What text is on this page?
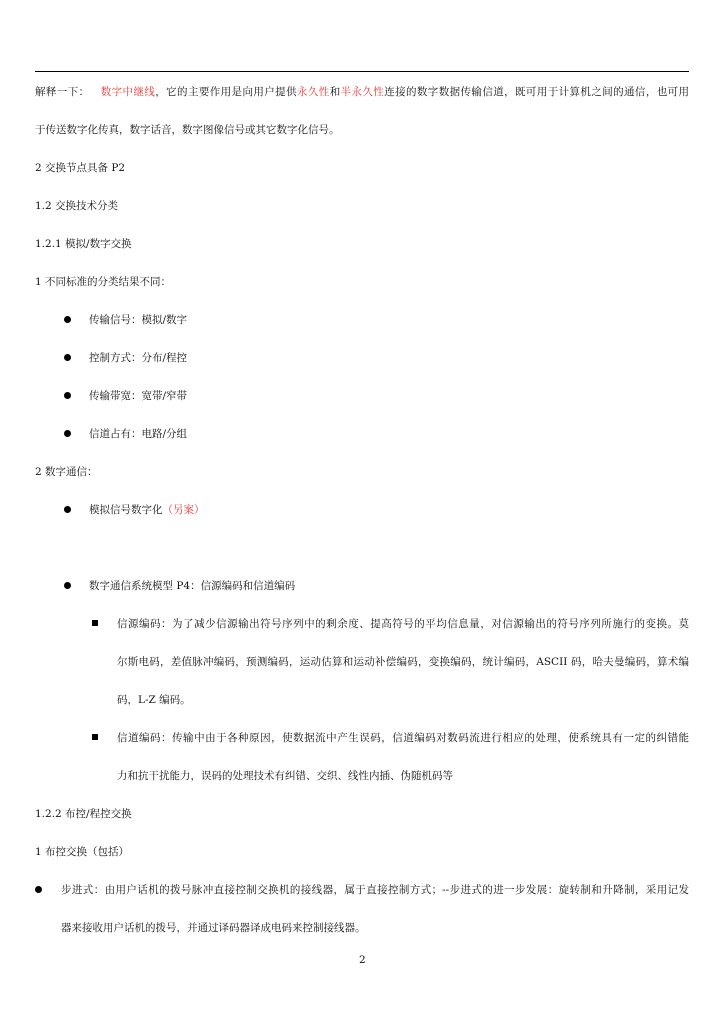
解释一下： 数字中继线，它的主要作用是向用户提供永久性和半永久性连接的数字数据传输信道，既可用于计算机之间的通信，也可用
于传送数字化传真，数字话音，数字图像信号或其它数字化信号。
2 交换节点具备 P2
1.2 交换技术分类
1.2.1 模拟/数字交换
1 不同标准的分类结果不同：
传输信号：模拟/数字
控制方式：分布/程控
传输带宽：宽带/窄带
信道占有：电路/分组
2 数字通信：
模拟信号数字化（另案）
数字通信系统模型 P4：信源编码和信道编码
信源编码：为了减少信源输出符号序列中的剩余度、提高符号的平均信息量，对信源输出的符号序列所施行的变换。莫
尔斯电码，差值脉冲编码，预测编码，运动估算和运动补偿编码，变换编码，统计编码，ASCII 码，哈夫曼编码，算术编
码，L-Z 编码。
信道编码：传输中由于各种原因，使数据流中产生误码，信道编码对数码流进行相应的处理，使系统具有一定的纠错能
力和抗干扰能力，误码的处理技术有纠错、交织、线性内插、伪随机码等
1.2.2 布控/程控交换
1 布控交换（包括）
步进式：由用户话机的拨号脉冲直接控制交换机的接线器，属于直接控制方式；--步进式的进一步发展：旋转制和升降制，采用记发
器来接收用户话机的拨号，并通过译码器译成电码来控制接线器。
2
